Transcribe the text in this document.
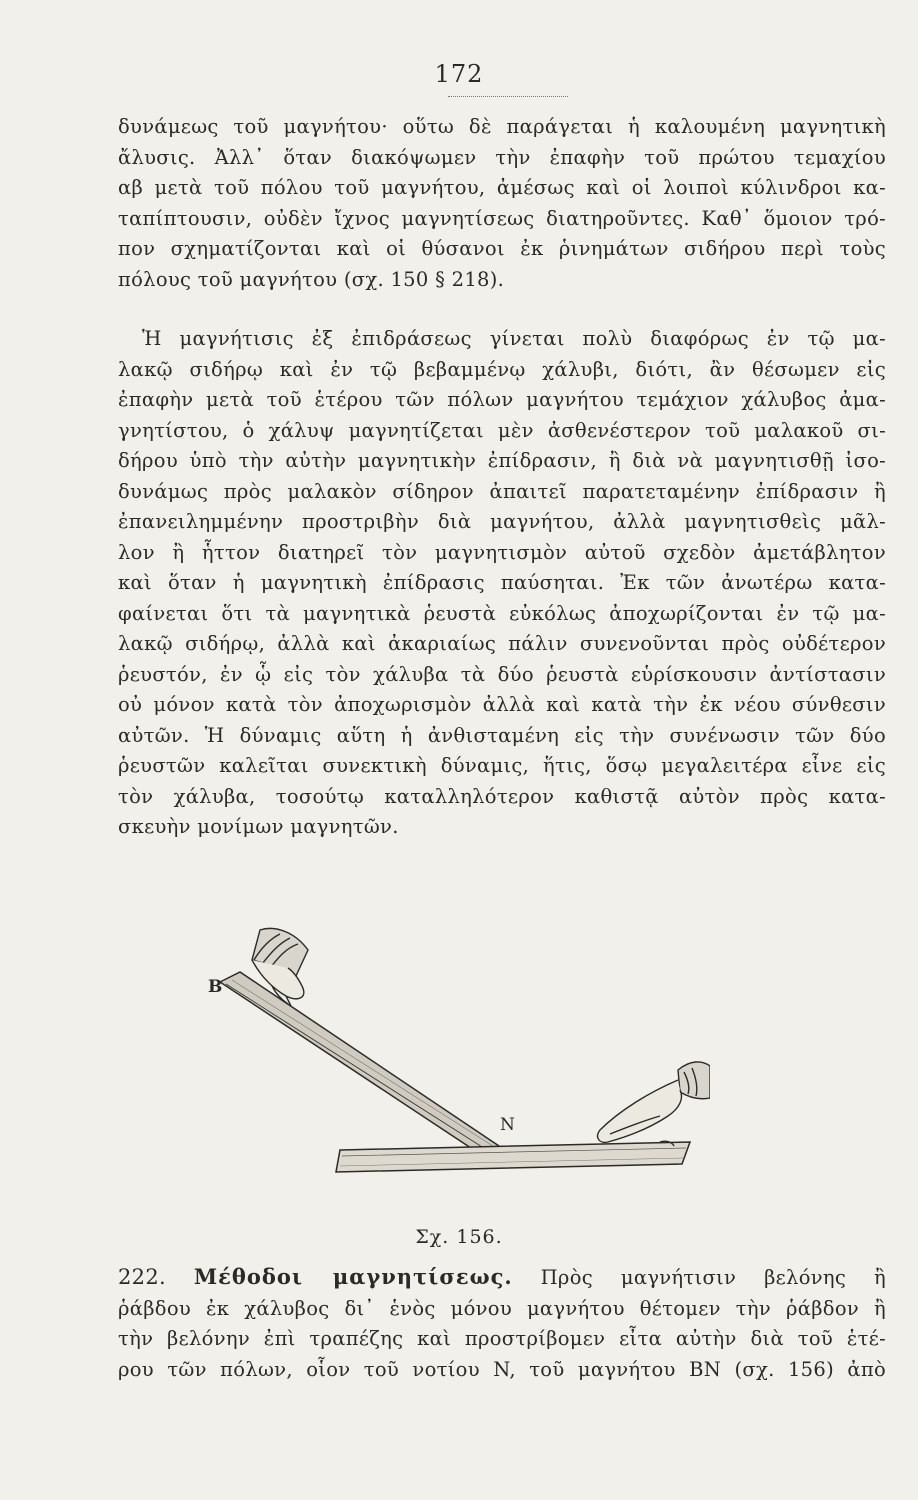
172
δυνάμεως τοῦ μαγνήτου· οὕτω δὲ παράγεται ἡ καλουμένη μαγνητικὴ
ἄλυσις. Ἀλλ᾽ ὅταν διακόψωμεν τὴν ἐπαφὴν τοῦ πρώτου τεμαχίου
αβ μετὰ τοῦ πόλου τοῦ μαγνήτου, ἀμέσως καὶ οἱ λοιποὶ κύλινδροι κα-
ταπίπτουσιν, οὐδὲν ἴχνος μαγνητίσεως διατηροῦντες. Καθ᾽ ὅμοιον τρό-
πον σχηματίζονται καὶ οἱ θύσανοι ἐκ ῥινημάτων σιδήρου περὶ τοὺς
πόλους τοῦ μαγνήτου (σχ. 150 § 218).
Ἡ μαγνήτισις ἐξ ἐπιδράσεως γίνεται πολὺ διαφόρως ἐν τῷ μα-
λακῷ σιδήρῳ καὶ ἐν τῷ βεβαμμένῳ χάλυβι, διότι, ἂν θέσωμεν εἰς
ἐπαφὴν μετὰ τοῦ ἑτέρου τῶν πόλων μαγνήτου τεμάχιον χάλυβος ἀμα-
γνητίστου, ὁ χάλυψ μαγνητίζεται μὲν ἀσθενέστερον τοῦ μαλακοῦ σι-
δήρου ὑπὸ τὴν αὐτὴν μαγνητικὴν ἐπίδρασιν, ἢ διὰ νὰ μαγνητισθῇ ἰσο-
δυνάμως πρὸς μαλακὸν σίδηρον ἀπαιτεῖ παρατεταμένην ἐπίδρασιν ἢ
ἐπανειλημμένην προστριβὴν διὰ μαγνήτου, ἀλλὰ μαγνητισθεὶς μᾶλ-
λον ἢ ἧττον διατηρεῖ τὸν μαγνητισμὸν αὐτοῦ σχεδὸν ἀμετάβλητον
καὶ ὅταν ἡ μαγνητικὴ ἐπίδρασις παύσηται. Ἐκ τῶν ἀνωτέρω κατα-
φαίνεται ὅτι τὰ μαγνητικὰ ῥευστὰ εὐκόλως ἀποχωρίζονται ἐν τῷ μα-
λακῷ σιδήρῳ, ἀλλὰ καὶ ἀκαριαίως πάλιν συνενοῦνται πρὸς οὐδέτερον
ῥευστόν, ἐν ᾧ εἰς τὸν χάλυβα τὰ δύο ῥευστὰ εὑρίσκουσιν ἀντίστασιν
οὐ μόνον κατὰ τὸν ἀποχωρισμὸν ἀλλὰ καὶ κατὰ τὴν ἐκ νέου σύνθεσιν
αὐτῶν. Ἡ δύναμις αὕτη ἡ ἀνθισταμένη εἰς τὴν συνένωσιν τῶν δύο
ῥευστῶν καλεῖται συνεκτικὴ δύναμις, ἥτις, ὅσῳ μεγαλειτέρα εἶνε εἰς
τὸν χάλυβα, τοσούτῳ καταλληλότερον καθιστᾷ αὐτὸν πρὸς κατα-
σκευὴν μονίμων μαγνητῶν.
B
N
Σχ. 156.
222. Μέθοδοι μαγνητίσεως. Πρὸς μαγνήτισιν βελόνης ἢ
ῥάβδου ἐκ χάλυβος δι᾽ ἑνὸς μόνου μαγνήτου θέτομεν τὴν ῥάβδον ἢ
τὴν βελόνην ἐπὶ τραπέζης καὶ προστρίβομεν εἶτα αὐτὴν διὰ τοῦ ἑτέ-
ρου τῶν πόλων, οἷον τοῦ νοτίου N, τοῦ μαγνήτου BN (σχ. 156) ἀπὸ
